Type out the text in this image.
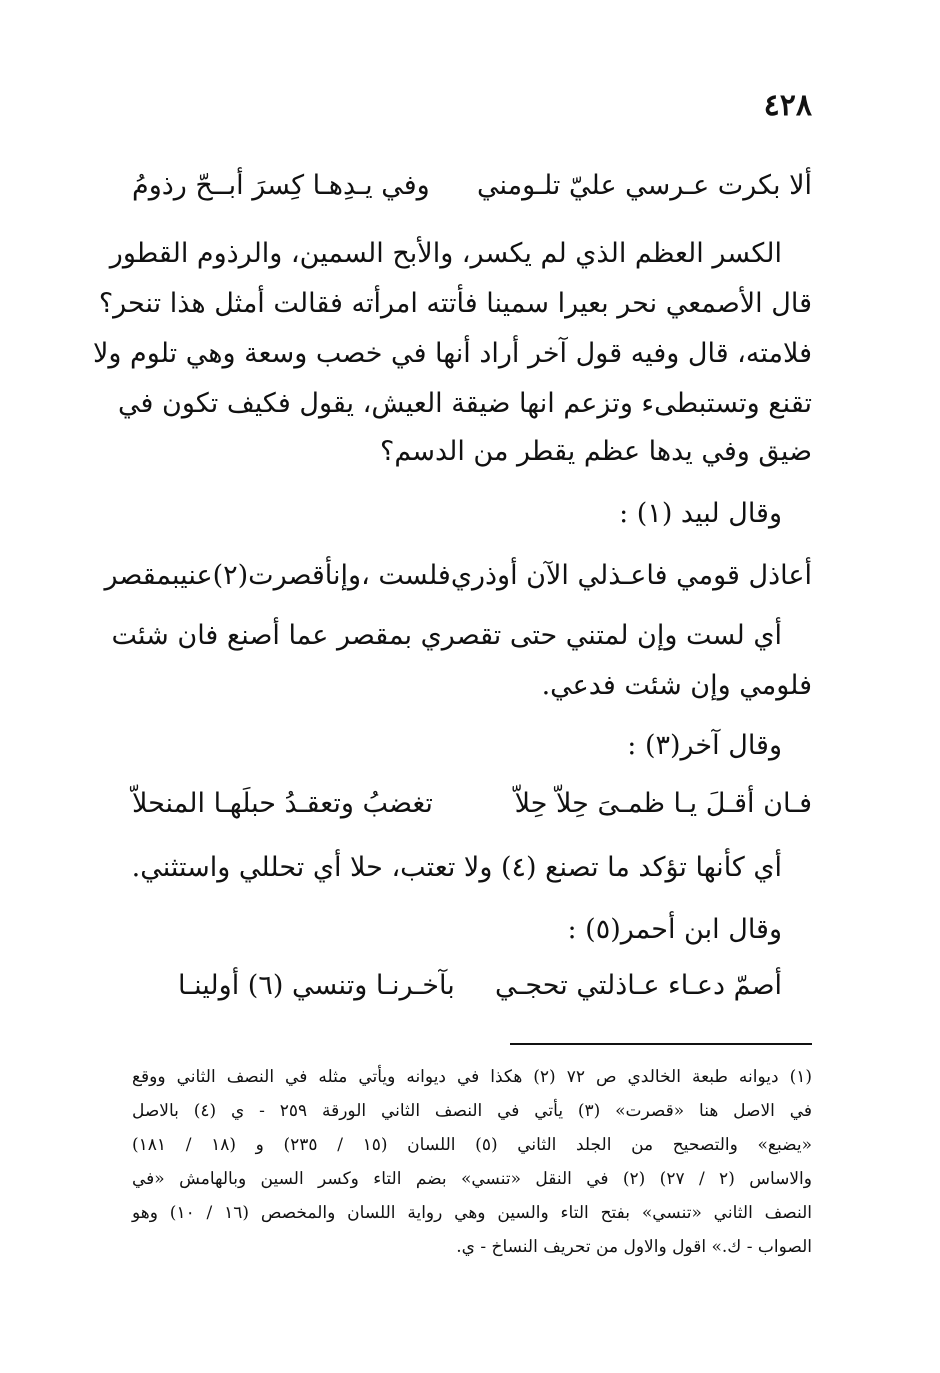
٤٢٨
ألا بكرت عـرسي عليّ تلـومني
وفي يـدِهـا كِسرَ أبــحّ رذومُ
الكسر العظم الذي لم يكسر، والأبح السمين، والرذوم القطور
قال الأصمعي نحر بعيرا سمينا فأتته امرأته فقالت أمثل هذا تنحر؟
فلامته، قال وفيه قول آخر أراد أنها في خصب وسعة وهي تلوم ولا
تقنع وتستبطىء وتزعم انها ضيقة العيش، يقول فكيف تكون في
ضيق وفي يدها عظم يقطر من الدسم؟
وقال لبيد (١) :
أعاذل قومي فاعـذلي الآن أوذري
فلست ،وإنأقصرت(٢)عنيبمقصر
أي لست وإن لمتني حتى تقصري بمقصر عما أصنع فان شئت
فلومي وإن شئت فدعي.
وقال آخر(٣) :
فـان أقـلَ يـا ظمـىَ حِلاّ حِلاّ
تغضبُ وتعقـدُ حبلَهـا المنحلاّ
أي كأنها تؤكد ما تصنع (٤) ولا تعتب، حلا أي تحللي واستثني.
وقال ابن أحمر(٥) :
أصمّ دعـاء عـاذلتي تحجـي
بآخـرنـا وتنسي (٦) أولينـا
(١) ديوانه طبعة الخالدي ص ٧٢ (٢) هكذا في ديوانه ويأتي مثله في النصف الثاني ووقع
في الاصل هنا «قصرت» (٣) يأتي في النصف الثاني الورقة ٢٥٩ - ي (٤) بالاصل
«يضبع» والتصحيح من الجلد الثاني (٥) اللسان (١٥ / ٢٣٥) و (١٨ / ١٨١)
والاساس (٢ / ٢٧) (٢) في النقل «تنسي» بضم التاء وكسر السين وبالهامش «في
النصف الثاني «تنسي» بفتح التاء والسين وهي رواية اللسان والمخصص (١٦ / ١٠) وهو
الصواب - ك.» اقول والاول من تحريف النساخ - ي.
